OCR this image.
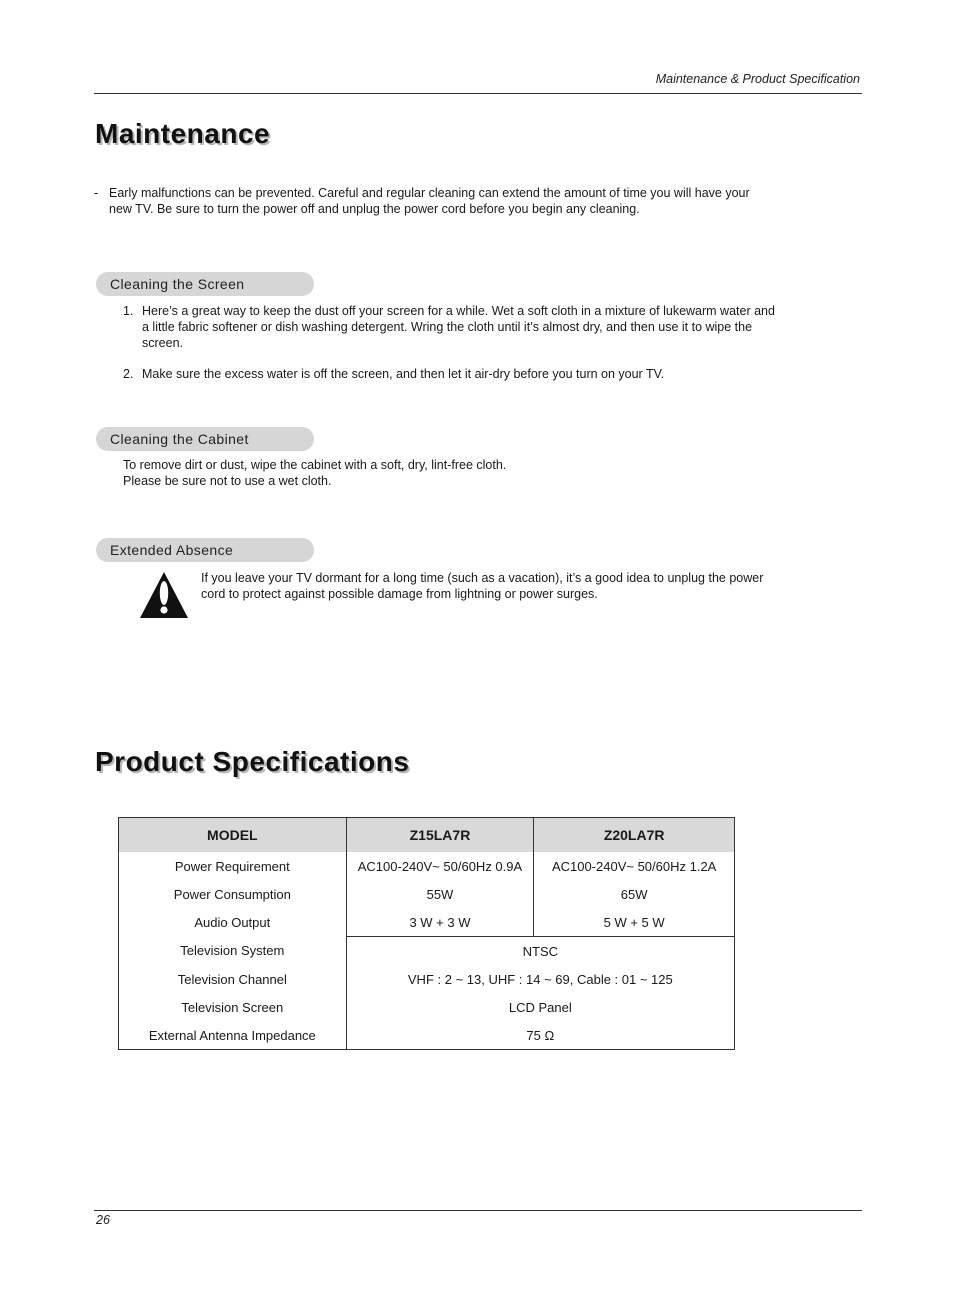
Maintenance & Product Specification
Maintenance
- Early malfunctions can be prevented. Careful and regular cleaning can extend the amount of time you will have your
new TV. Be sure to turn the power off and unplug the power cord before you begin any cleaning.
Cleaning the Screen
1. Here’s a great way to keep the dust off your screen for a while. Wet a soft cloth in a mixture of lukewarm water and
a little fabric softener or dish washing detergent. Wring the cloth until it’s almost dry, and then use it to wipe the
screen.
2. Make sure the excess water is off the screen, and then let it air-dry before you turn on your TV.
Cleaning the Cabinet
To remove dirt or dust, wipe the cabinet with a soft, dry, lint-free cloth.
Please be sure not to use a wet cloth.
Extended Absence
If you leave your TV dormant for a long time (such as a vacation), it’s a good idea to unplug the power
cord to protect against possible damage from lightning or power surges.
Product Specifications
MODEL	Z15LA7R	Z20LA7R
Power Requirement	AC100-240V~ 50/60Hz 0.9A	AC100-240V~ 50/60Hz 1.2A
Power Consumption	55W	65W
Audio Output	3 W + 3 W	5 W + 5 W
Television System	NTSC	
Television Channel	VHF : 2 ~ 13, UHF : 14 ~ 69, Cable : 01 ~ 125	
Television Screen	LCD Panel	
External Antenna Impedance	75 Ω	
26
